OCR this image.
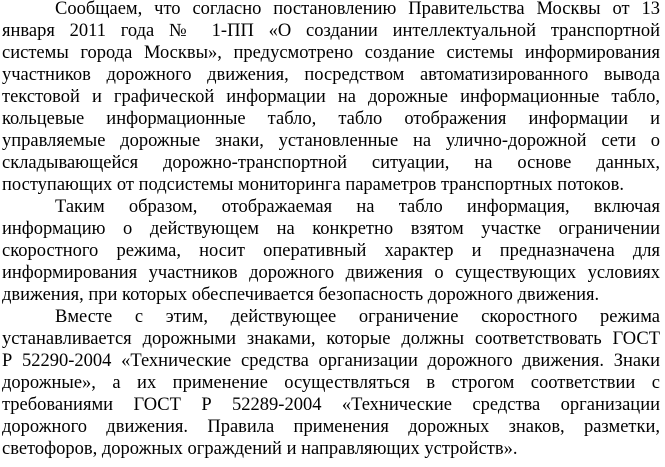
Сообщаем, что согласно постановлению Правительства Москвы от 13
января 2011 года № 1-ПП «О создании интеллектуальной транспортной
системы города Москвы», предусмотрено создание системы информирования
участников дорожного движения, посредством автоматизированного вывода
текстовой и графической информации на дорожные информационные табло,
кольцевые информационные табло, табло отображения информации и
управляемые дорожные знаки, установленные на улично-дорожной сети о
складывающейся дорожно-транспортной ситуации, на основе данных,
поступающих от подсистемы мониторинга параметров транспортных потоков.
Таким образом, отображаемая на табло информация, включая
информацию о действующем на конкретно взятом участке ограничении
скоростного режима, носит оперативный характер и предназначена для
информирования участников дорожного движения о существующих условиях
движения, при которых обеспечивается безопасность дорожного движения.
Вместе с этим, действующее ограничение скоростного режима
устанавливается дорожными знаками, которые должны соответствовать ГОСТ
Р 52290-2004 «Технические средства организации дорожного движения. Знаки
дорожные», а их применение осуществляться в строгом соответствии с
требованиями ГОСТ Р 52289-2004 «Технические средства организации
дорожного движения. Правила применения дорожных знаков, разметки,
светофоров, дорожных ограждений и направляющих устройств».
